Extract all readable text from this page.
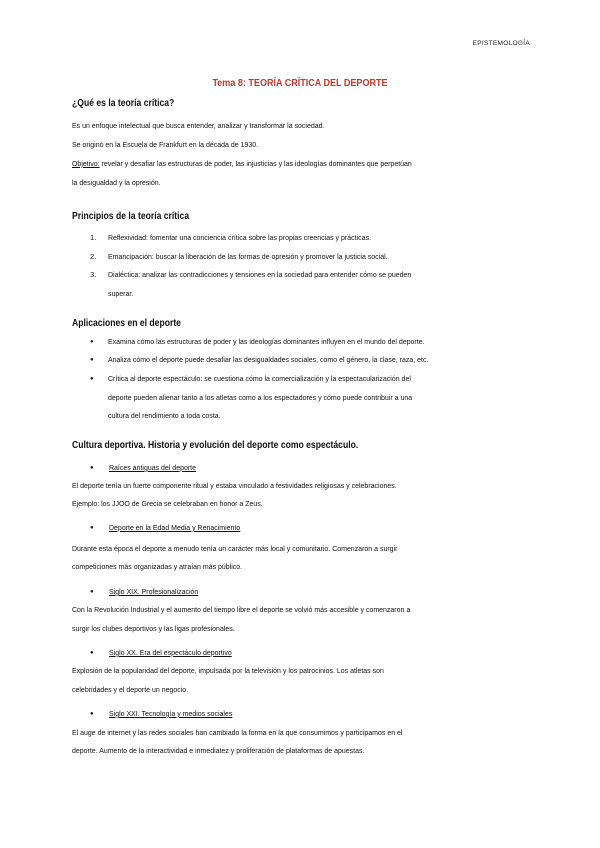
EPISTEMOLOGÍA
Tema 8: TEORÍA CRÍTICA DEL DEPORTE
¿Qué es la teoría crítica?
Es un enfoque intelectual que busca entender, analizar y transformar la sociedad.
Se originó en la Escuela de Frankfurt en la década de 1930.
Objetivo: revelar y desafiar las estructuras de poder, las injusticias y las ideologías dominantes que perpetúan
la desigualdad y la opresión.
Principios de la teoría crítica
1. Reflexividad: fomentar una conciencia crítica sobre las propias creencias y prácticas.
2. Emancipación: buscar la liberación de las formas de opresión y promover la justicia social.
3. Dialéctica: analizar las contradicciones y tensiones en la sociedad para entender cómo se pueden
superar.
Aplicaciones en el deporte
● Examina cómo las estructuras de poder y las ideologías dominantes influyen en el mundo del deporte.
● Analiza cómo el deporte puede desafiar las desigualdades sociales, como el género, la clase, raza, etc.
● Crítica al deporte espectáculo: se cuestiona cómo la comercialización y la espectacularización del
deporte pueden alienar tanto a los atletas como a los espectadores y cómo puede contribuir a una
cultura del rendimiento a toda costa.
Cultura deportiva. Historia y evolución del deporte como espectáculo.
● Raíces antiguas del deporte
El deporte tenía un fuerte componente ritual y estaba vinculado a festividades religiosas y celebraciones.
Ejemplo: los JJOO de Grecia se celebraban en honor a Zeus.
● Deporte en la Edad Media y Renacimiento
Durante esta época el deporte a menudo tenía un carácter más local y comunitario. Comenzaron a surgir
competiciones más organizadas y atraían más público.
● Siglo XIX. Profesionalización
Con la Revolución Industrial y el aumento del tiempo libre el deporte se volvió más accesible y comenzaron a
surgir los clubes deportivos y las ligas profesionales.
● Siglo XX. Era del espectáculo deportivo
Explosión de la popularidad del deporte, impulsada por la televisión y los patrocinios. Los atletas son
celebridades y el deporte un negocio.
● Siglo XXI. Tecnología y medios sociales
El auge de internet y las redes sociales han cambiado la forma en la que consumimos y participamos en el
deporte. Aumento de la interactividad e inmediatez y proliferación de plataformas de apuestas.
